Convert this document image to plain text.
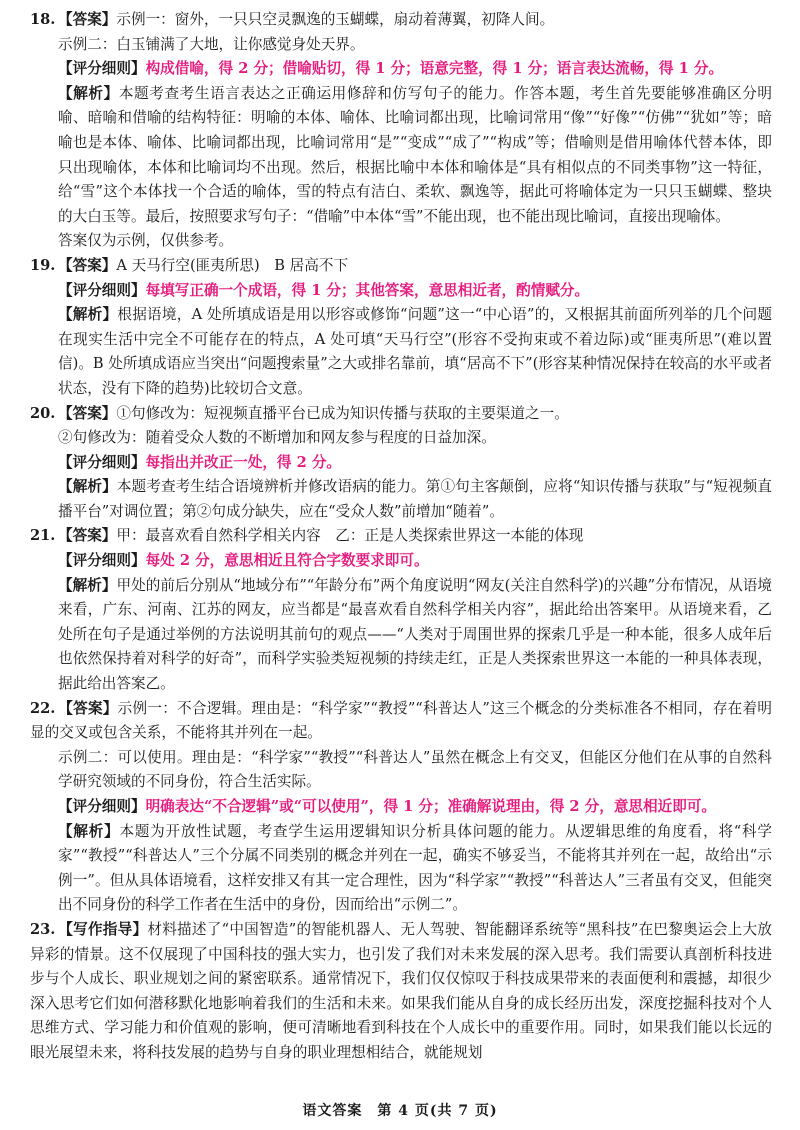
18. 【答案】示例一：窗外，一只只空灵飘逸的玉蝴蝶，扇动着薄翼，初降人间。

示例二：白玉铺满了大地，让你感觉身处天界。

【评分细则】构成借喻，得 2 分；借喻贴切，得 1 分；语意完整，得 1 分；语言表达流畅，得 1 分。

【解析】本题考查考生语言表达之正确运用修辞和仿写句子的能力。作答本题，考生首先要能够准确区分明喻、暗喻和借喻的结构特征：明喻的本体、喻体、比喻词都出现，比喻词常用“像”“好像”“仿佛”“犹如”等；暗喻也是本体、喻体、比喻词都出现，比喻词常用“是”“变成”“成了”“构成”等；借喻则是借用喻体代替本体，即只出现喻体，本体和比喻词均不出现。然后，根据比喻中本体和喻体是“具有相似点的不同类事物”这一特征，给“雪”这个本体找一个合适的喻体，雪的特点有洁白、柔软、飘逸等，据此可将喻体定为一只只玉蝴蝶、整块的大白玉等。最后，按照要求写句子：“借喻”中本体“雪”不能出现，也不能出现比喻词，直接出现喻体。

答案仅为示例，仅供参考。

19. 【答案】A 天马行空(匪夷所思)　B 居高不下

【评分细则】每填写正确一个成语，得 1 分；其他答案，意思相近者，酌情赋分。

【解析】根据语境，A 处所填成语是用以形容或修饰“问题”这一“中心语”的，又根据其前面所列举的几个问题在现实生活中完全不可能存在的特点，A 处可填“天马行空”(形容不受拘束或不着边际)或“匪夷所思”(难以置信)。B 处所填成语应当突出“问题搜索量”之大或排名靠前，填“居高不下”(形容某种情况保持在较高的水平或者状态，没有下降的趋势)比较切合文意。

20. 【答案】①句修改为：短视频直播平台已成为知识传播与获取的主要渠道之一。

②句修改为：随着受众人数的不断增加和网友参与程度的日益加深。

【评分细则】每指出并改正一处，得 2 分。

【解析】本题考查考生结合语境辨析并修改语病的能力。第①句主客颠倒，应将“知识传播与获取”与“短视频直播平台”对调位置；第②句成分缺失，应在“受众人数”前增加“随着”。

21. 【答案】甲：最喜欢看自然科学相关内容　乙：正是人类探索世界这一本能的体现

【评分细则】每处 2 分，意思相近且符合字数要求即可。

【解析】甲处的前后分别从“地域分布”“年龄分布”两个角度说明“网友(关注自然科学)的兴趣”分布情况，从语境来看，广东、河南、江苏的网友，应当都是“最喜欢看自然科学相关内容”，据此给出答案甲。从语境来看，乙处所在句子是通过举例的方法说明其前句的观点——“人类对于周围世界的探索几乎是一种本能，很多人成年后也依然保持着对科学的好奇”，而科学实验类短视频的持续走红，正是人类探索世界这一本能的一种具体表现，据此给出答案乙。

22. 【答案】示例一：不合逻辑。理由是：“科学家”“教授”“科普达人”这三个概念的分类标准各不相同，存在着明显的交叉或包含关系，不能将其并列在一起。

示例二：可以使用。理由是：“科学家”“教授”“科普达人”虽然在概念上有交叉，但能区分他们在从事的自然科学研究领域的不同身份，符合生活实际。

【评分细则】明确表达“不合逻辑”或“可以使用”，得 1 分；准确解说理由，得 2 分，意思相近即可。

【解析】本题为开放性试题，考查学生运用逻辑知识分析具体问题的能力。从逻辑思维的角度看，将“科学家”“教授”“科普达人”三个分属不同类别的概念并列在一起，确实不够妥当，不能将其并列在一起，故给出“示例一”。但从具体语境看，这样安排又有其一定合理性，因为“科学家”“教授”“科普达人”三者虽有交叉，但能突出不同身份的科学工作者在生活中的身份，因而给出“示例二”。

23. 【写作指导】材料描述了“中国智造”的智能机器人、无人驾驶、智能翻译系统等“黑科技”在巴黎奥运会上大放异彩的情景。这不仅展现了中国科技的强大实力，也引发了我们对未来发展的深入思考。我们需要认真剖析科技进步与个人成长、职业规划之间的紧密联系。通常情况下，我们仅仅惊叹于科技成果带来的表面便利和震撼，却很少深入思考它们如何潜移默化地影响着我们的生活和未来。如果我们能从自身的成长经历出发，深度挖掘科技对个人思维方式、学习能力和价值观的影响，便可清晰地看到科技在个人成长中的重要作用。同时，如果我们能以长远的眼光展望未来，将科技发展的趋势与自身的职业理想相结合，就能规划

语文答案　第 4 页(共 7 页)
